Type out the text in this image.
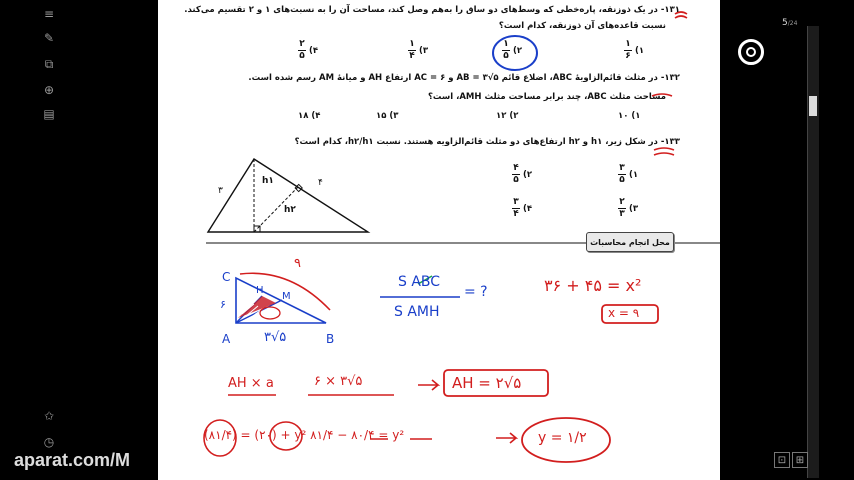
≡
✎
⧉
⊕
▤
✩
◷
۱۳۱- در یک ذوزنقه، پاره‌خطی که وسط‌های دو ساق را به‌هم وصل کند، مساحت آن را به نسبت‌های ۱ و ۲ تقسیم می‌کند.
نسبت قاعده‌های آن ذوزنقه، کدام است؟
۱)
$\frac{۱}{۶}$
۲)
$\frac{۱}{۵}$
۳)
$\frac{۱}{۴}$
۴)
$\frac{۲}{۵}$
۱۳۲- در مثلث قائم‌الزاویهٔ ABC، اضلاع قائم AB = ۳√۵ و AC = ۶ ارتفاع AH و میانهٔ AM رسم شده است.
مساحت مثلث ABC، چند برابر مساحت مثلث AMH، است؟
۱) ۱۰
۲) ۱۲
۳) ۱۵
۴) ۱۸
۱۳۳- در شکل زیر، h۱ و h۲ ارتفاع‌های دو مثلث قائم‌الزاویه هستند. نسبت h۲/h۱، کدام است؟
۱)
$\frac{۳}{۵}$
۲)
$\frac{۴}{۵}$
۳)
$\frac{۲}{۳}$
۴)
$\frac{۳}{۴}$
۳
۴
h۱
h۲
محل انجام محاسبات
C
۹
۶
H
M
A	۳√۵	B
S ABC
S AMH
= ?	۳۶ + ۴۵ = x²
x = ۹
AH × a	۶ × ۳√۵	AH = ۲√۵
(۸۱/۴) = (۲۰) + y² ۸۱/۴ − ۸۰/۴ = y²	y = ۱/۲
5/24
⊡ ⊞
aparat.com/M
